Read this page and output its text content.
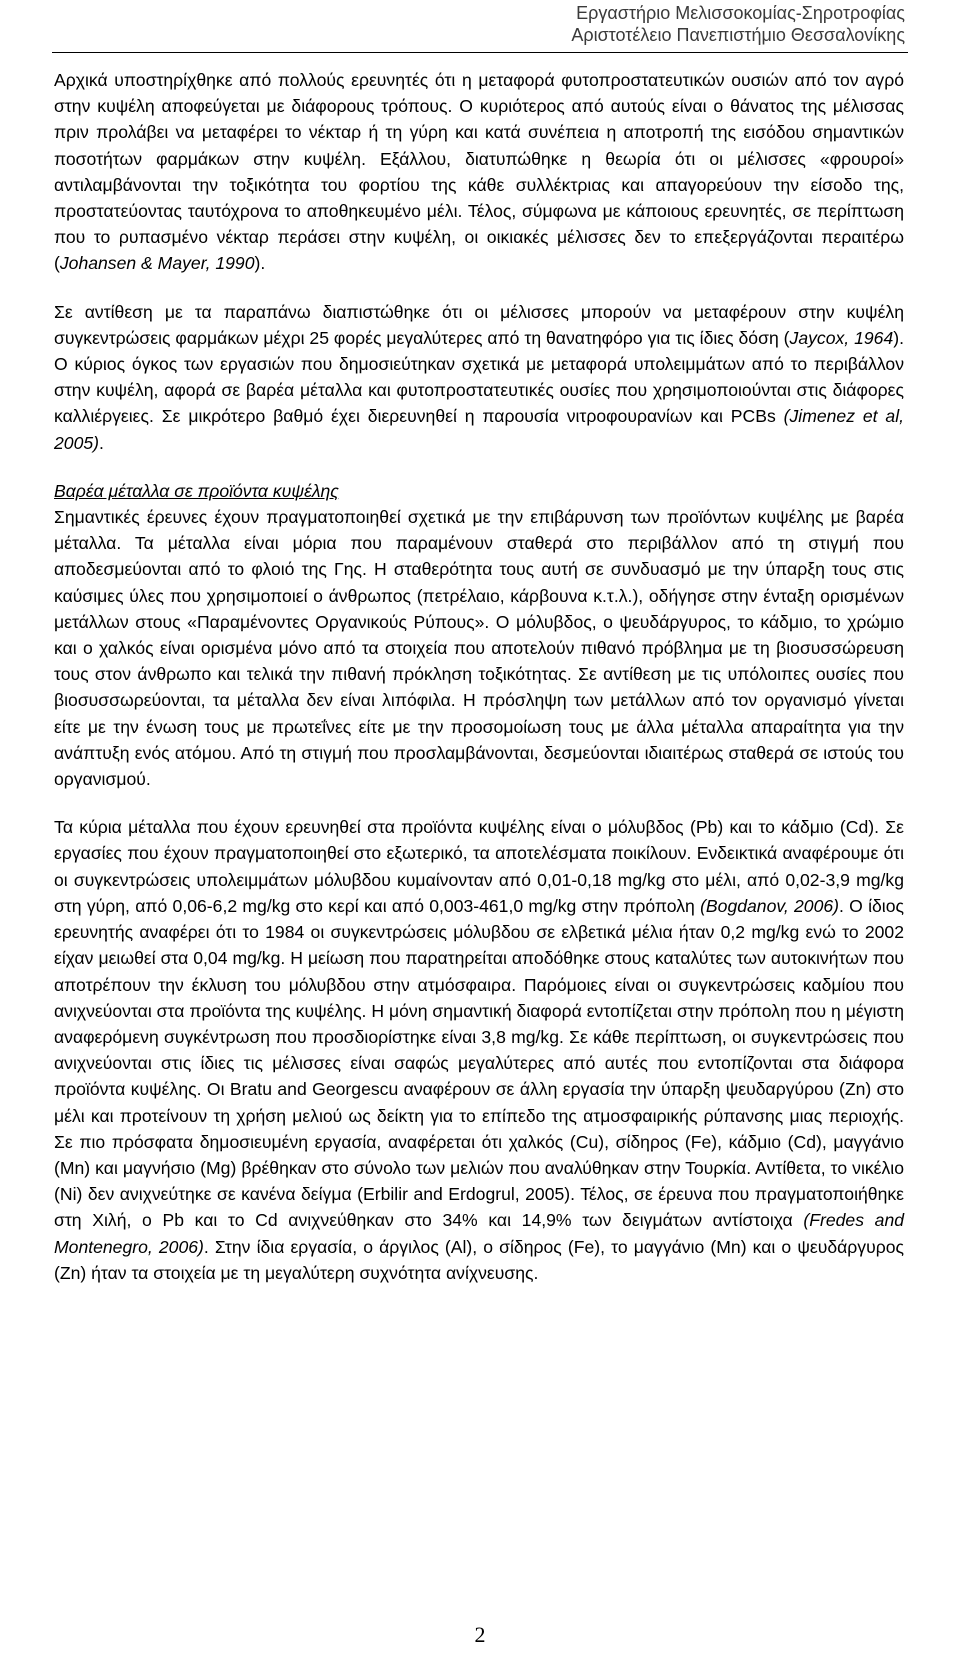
Εργαστήριο Μελισσοκομίας-Σηροτροφίας
Αριστοτέλειο Πανεπιστήμιο Θεσσαλονίκης

Αρχικά υποστηρίχθηκε από πολλούς ερευνητές ότι η μεταφορά φυτοπροστατευτικών ουσιών από τον αγρό στην κυψέλη αποφεύγεται με διάφορους τρόπους. Ο κυριότερος από αυτούς είναι ο θάνατος της μέλισσας πριν προλάβει να μεταφέρει το νέκταρ ή τη γύρη και κατά συνέπεια η αποτροπή της εισόδου σημαντικών ποσοτήτων φαρμάκων στην κυψέλη. Εξάλλου, διατυπώθηκε η θεωρία ότι οι μέλισσες «φρουροί» αντιλαμβάνονται την τοξικότητα του φορτίου της κάθε συλλέκτριας και απαγορεύουν την είσοδο της, προστατεύοντας ταυτόχρονα το αποθηκευμένο μέλι. Τέλος, σύμφωνα με κάποιους ερευνητές, σε περίπτωση που το ρυπασμένο νέκταρ περάσει στην κυψέλη, οι οικιακές μέλισσες δεν το επεξεργάζονται περαιτέρω (Johansen & Mayer, 1990).

Σε αντίθεση με τα παραπάνω διαπιστώθηκε ότι οι μέλισσες μπορούν να μεταφέρουν στην κυψέλη συγκεντρώσεις φαρμάκων μέχρι 25 φορές μεγαλύτερες από τη θανατηφόρο για τις ίδιες δόση (Jaycox, 1964). Ο κύριος όγκος των εργασιών που δημοσιεύτηκαν σχετικά με μεταφορά υπολειμμάτων από το περιβάλλον στην κυψέλη, αφορά σε βαρέα μέταλλα και φυτοπροστατευτικές ουσίες που χρησιμοποιούνται στις διάφορες καλλιέργειες. Σε μικρότερο βαθμό έχει διερευνηθεί η παρουσία νιτροφουρανίων και PCBs (Jimenez et al, 2005).

Βαρέα μέταλλα σε προϊόντα κυψέλης

Σημαντικές έρευνες έχουν πραγματοποιηθεί σχετικά με την επιβάρυνση των προϊόντων κυψέλης με βαρέα μέταλλα. Τα μέταλλα είναι μόρια που παραμένουν σταθερά στο περιβάλλον από τη στιγμή που αποδεσμεύονται από το φλοιό της Γης. Η σταθερότητα τους αυτή σε συνδυασμό με την ύπαρξη τους στις καύσιμες ύλες που χρησιμοποιεί ο άνθρωπος (πετρέλαιο, κάρβουνα κ.τ.λ.), οδήγησε στην ένταξη ορισμένων μετάλλων στους «Παραμένοντες Οργανικούς Ρύπους». Ο μόλυβδος, ο ψευδάργυρος, το κάδμιο, το χρώμιο και ο χαλκός είναι ορισμένα μόνο από τα στοιχεία που αποτελούν πιθανό πρόβλημα με τη βιοσυσσώρευση τους στον άνθρωπο και τελικά την πιθανή πρόκληση τοξικότητας. Σε αντίθεση με τις υπόλοιπες ουσίες που βιοσυσσωρεύονται, τα μέταλλα δεν είναι λιπόφιλα. Η πρόσληψη των μετάλλων από τον οργανισμό γίνεται είτε με την ένωση τους με πρωτεΐνες είτε με την προσομοίωση τους με άλλα μέταλλα απαραίτητα για την ανάπτυξη ενός ατόμου. Από τη στιγμή που προσλαμβάνονται, δεσμεύονται ιδιαιτέρως σταθερά σε ιστούς του οργανισμού.

Τα κύρια μέταλλα που έχουν ερευνηθεί στα προϊόντα κυψέλης είναι ο μόλυβδος (Pb) και το κάδμιο (Cd). Σε εργασίες που έχουν πραγματοποιηθεί στο εξωτερικό, τα αποτελέσματα ποικίλουν. Ενδεικτικά αναφέρουμε ότι οι συγκεντρώσεις υπολειμμάτων μόλυβδου κυμαίνονταν από 0,01-0,18 mg/kg στο μέλι, από 0,02-3,9 mg/kg στη γύρη, από 0,06-6,2 mg/kg στο κερί και από 0,003-461,0 mg/kg στην πρόπολη (Bogdanov, 2006). Ο ίδιος ερευνητής αναφέρει ότι το 1984 οι συγκεντρώσεις μόλυβδου σε ελβετικά μέλια ήταν 0,2 mg/kg ενώ το 2002 είχαν μειωθεί στα 0,04 mg/kg. Η μείωση που παρατηρείται αποδόθηκε στους καταλύτες των αυτοκινήτων που αποτρέπουν την έκλυση του μόλυβδου στην ατμόσφαιρα. Παρόμοιες είναι οι συγκεντρώσεις καδμίου που ανιχνεύονται στα προϊόντα της κυψέλης. Η μόνη σημαντική διαφορά εντοπίζεται στην πρόπολη που η μέγιστη αναφερόμενη συγκέντρωση που προσδιορίστηκε είναι 3,8 mg/kg. Σε κάθε περίπτωση, οι συγκεντρώσεις που ανιχνεύονται στις ίδιες τις μέλισσες είναι σαφώς μεγαλύτερες από αυτές που εντοπίζονται στα διάφορα προϊόντα κυψέλης. Οι Bratu and Georgescu αναφέρουν σε άλλη εργασία την ύπαρξη ψευδαργύρου (Zn) στο μέλι και προτείνουν τη χρήση μελιού ως δείκτη για το επίπεδο της ατμοσφαιρικής ρύπανσης μιας περιοχής. Σε πιο πρόσφατα δημοσιευμένη εργασία, αναφέρεται ότι χαλκός (Cu), σίδηρος (Fe), κάδμιο (Cd), μαγγάνιο (Mn) και μαγνήσιο (Mg) βρέθηκαν στο σύνολο των μελιών που αναλύθηκαν στην Τουρκία. Αντίθετα, το νικέλιο (Ni) δεν ανιχνεύτηκε σε κανένα δείγμα (Erbilir and Erdogrul, 2005). Τέλος, σε έρευνα που πραγματοποιήθηκε στη Χιλή, ο Pb και το Cd ανιχνεύθηκαν στο 34% και 14,9% των δειγμάτων αντίστοιχα (Fredes and Montenegro, 2006). Στην ίδια εργασία, ο άργιλος (Al), ο σίδηρος (Fe), το μαγγάνιο (Mn) και ο ψευδάργυρος (Zn) ήταν τα στοιχεία με τη μεγαλύτερη συχνότητα ανίχνευσης.

2
